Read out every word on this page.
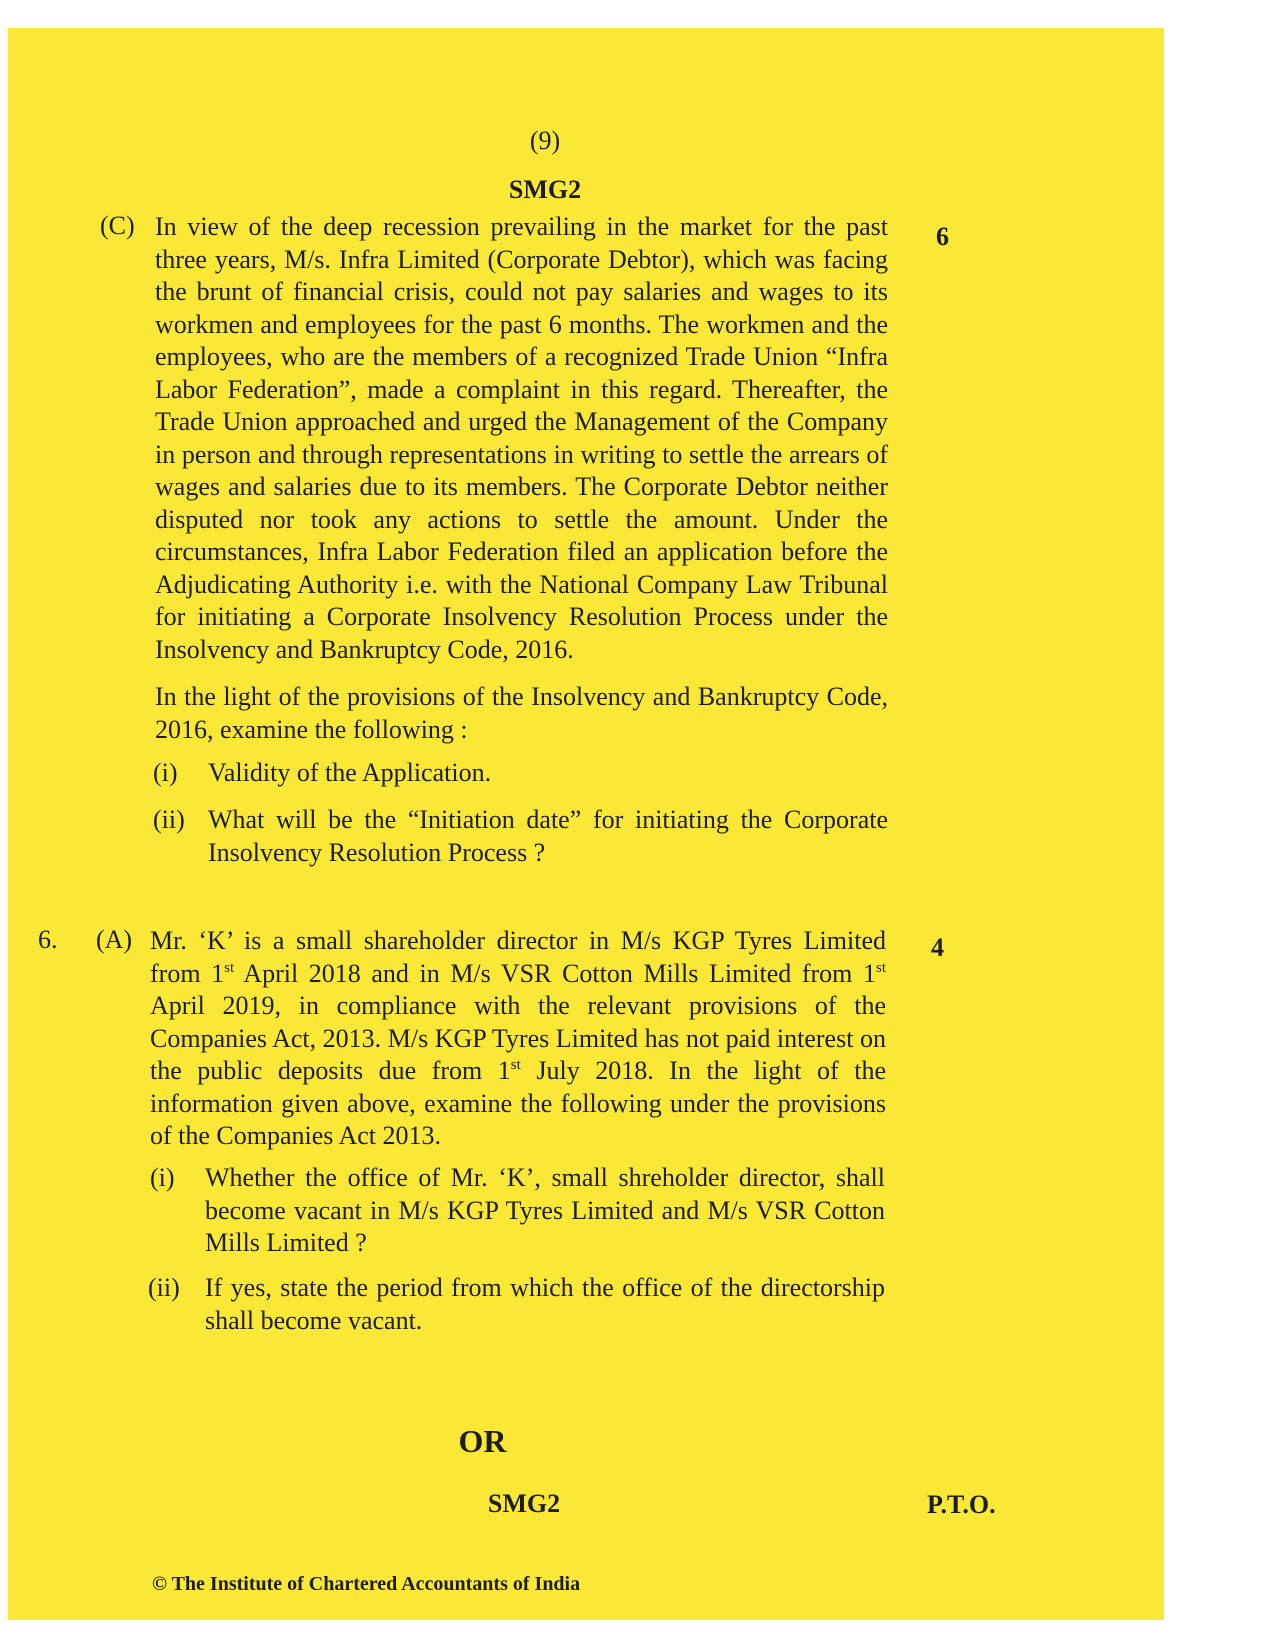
(9)
SMG2
(C)	6
In view of the deep recession prevailing in the market for the past three years, M/s. Infra Limited (Corporate Debtor), which was facing the brunt of financial crisis, could not pay salaries and wages to its workmen and employees for the past 6 months. The workmen and the employees, who are the members of a recognized Trade Union “Infra Labor Federation”, made a complaint in this regard. Thereafter, the Trade Union approached and urged the Management of the Company in person and through representations in writing to settle the arrears of wages and salaries due to its members. The Corporate Debtor neither disputed nor took any actions to settle the amount. Under the circumstances, Infra Labor Federation filed an application before the Adjudicating Authority i.e. with the National Company Law Tribunal for initiating a Corporate Insolvency Resolution Process under the Insolvency and Bankruptcy Code, 2016.
In the light of the provisions of the Insolvency and Bankruptcy Code, 2016, examine the following :
(i) Validity of the Application.
(ii) What will be the “Initiation date” for initiating the Corporate Insolvency Resolution Process ?
6. (A)	4
Mr. ‘K’ is a small shareholder director in M/s KGP Tyres Limited from 1st April 2018 and in M/s VSR Cotton Mills Limited from 1st April 2019, in compliance with the relevant provisions of the Companies Act, 2013. M/s KGP Tyres Limited has not paid interest on the public deposits due from 1st July 2018. In the light of the information given above, examine the following under the provisions of the Companies Act 2013.
(i) Whether the office of Mr. ‘K’, small shreholder director, shall become vacant in M/s KGP Tyres Limited and M/s VSR Cotton Mills Limited ?
(ii) If yes, state the period from which the office of the directorship shall become vacant.
OR
SMG2	P.T.O.
© The Institute of Chartered Accountants of India
